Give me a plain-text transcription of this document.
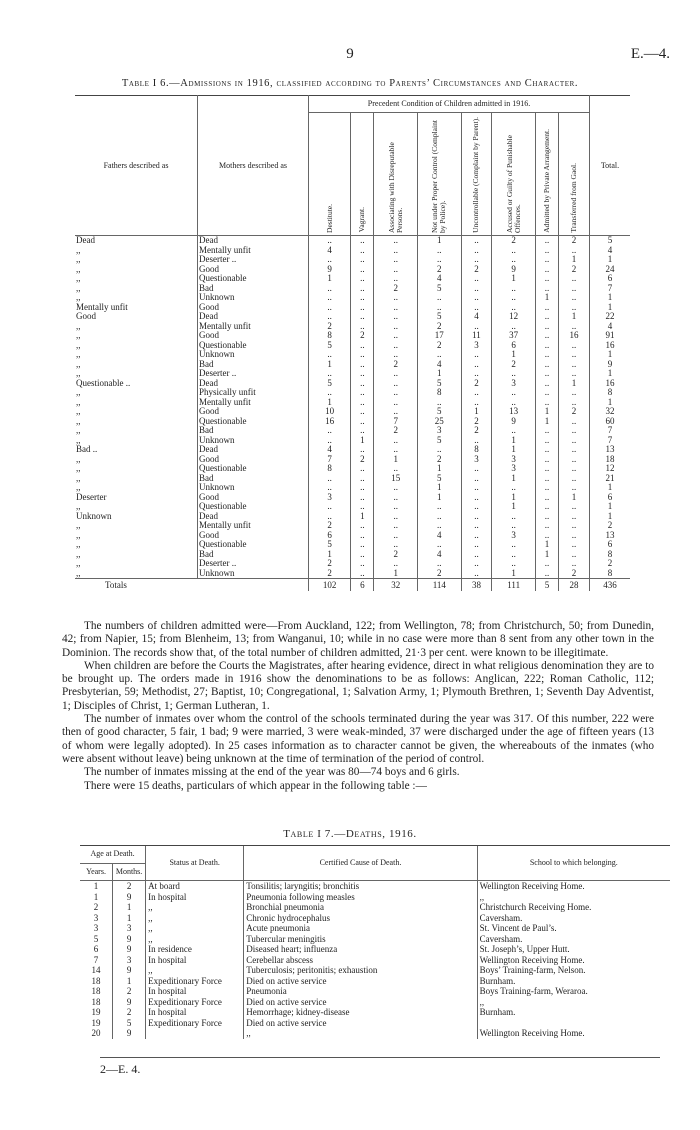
9	E.—4.
Table I 6.—Admissions in 1916, classified according to Parents’ Circumstances and Character.
Fathers described as	Mothers described as	Precedent Condition of Children admitted in 1916.								Total.
		Destitute.	Vagrant.	Associating with Disreputable Persons.	Not under Proper Control (Complaint by Police).	Uncontrollable (Complaint by Parent).	Accused or Guilty of Punishable Offences.	Admitted by Private Arrangement.	Transferred from Gaol.	
Dead	Dead	..	..	..	1	..	2	..	2	5
,,	Mentally unfit	4	..	..	..	..	..	..	..	4
,,	Deserter ..	..	..	..	..	..	..	..	1	1
,,	Good	9	..	..	2	2	9	..	2	24
,,	Questionable	1	..	..	4	..	1	..	..	6
,,	Bad	..	..	2	5	..	..	..	..	7
,,	Unknown	..	..	..	..	..	..	1	..	1
Mentally unfit	Good	..	..	..	..	..	..	..	..	1
Good	Dead	..	..	..	5	4	12	..	1	22
,,	Mentally unfit	2	..	..	2	..	..	..	..	4
,,	Good	8	2	..	17	11	37	..	16	91
,,	Questionable	5	..	..	2	3	6	..	..	16
,,	Unknown	..	..	..	..	..	1	..	..	1
,,	Bad	1	..	2	4	..	2	..	..	9
,,	Deserter ..	..	..	..	1	..	..	..	..	1
Questionable ..	Dead	5	..	..	5	2	3	..	1	16
,,	Physically unfit	..	..	..	8	..	..	..	..	8
,,	Mentally unfit	1	..	..	..	..	..	..	..	1
,,	Good	10	..	..	5	1	13	1	2	32
,,	Questionable	16	..	7	25	2	9	1	..	60
,,	Bad	..	..	2	3	2	..	..	..	7
,,	Unknown	..	1	..	5	..	1	..	..	7
Bad ..	Dead	4	..	..	..	8	1	..	..	13
,,	Good	7	2	1	2	3	3	..	..	18
,,	Questionable	8	..	..	1	..	3	..	..	12
,,	Bad	..	..	15	5	..	1	..	..	21
,,	Unknown	..	..	..	1	..	..	..	..	1
Deserter	Good	3	..	..	1	..	1	..	1	6
,,	Questionable	..	..	..	..	..	1	..	..	1
Unknown	Dead	..	1	..	..	..	..	..	..	1
,,	Mentally unfit	2	..	..	..	..	..	..	..	2
,,	Good	6	..	..	4	..	3	..	..	13
,,	Questionable	5	..	..	..	..	..	1	..	6
,,	Bad	1	..	2	4	..	..	1	..	8
,,	Deserter ..	2	..	..	..	..	..	..	..	2
,,	Unknown	2	..	1	2	..	1	..	2	8
Totals		102	6	32	114	38	111	5	28	436

The numbers of children admitted were—From Auckland, 122; from Wellington, 78; from Christchurch, 50; from Dunedin, 42; from Napier, 15; from Blenheim, 13; from Wanganui, 10; while in no case were more than 8 sent from any other town in the Dominion. The records show that, of the total number of children admitted, 21·3 per cent. were known to be illegitimate.

When children are before the Courts the Magistrates, after hearing evidence, direct in what religious denomination they are to be brought up. The orders made in 1916 show the denominations to be as follows: Anglican, 222; Roman Catholic, 112; Presbyterian, 59; Methodist, 27; Baptist, 10; Congregational, 1; Salvation Army, 1; Plymouth Brethren, 1; Seventh Day Adventist, 1; Disciples of Christ, 1; German Lutheran, 1.

The number of inmates over whom the control of the schools terminated during the year was 317. Of this number, 222 were then of good character, 5 fair, 1 bad; 9 were married, 3 were weak-minded, 37 were discharged under the age of fifteen years (13 of whom were legally adopted). In 25 cases information as to character cannot be given, the whereabouts of the inmates (who were absent without leave) being unknown at the time of termination of the period of control.

The number of inmates missing at the end of the year was 80—74 boys and 6 girls.

There were 15 deaths, particulars of which appear in the following table :—

Table I 7.—Deaths, 1916.
Age at Death.		Status at Death.	Certified Cause of Death.	School to which belonging.
Years.	Months.			
1	2	At board	Tonsilitis; laryngitis; bronchitis	Wellington Receiving Home.
1	9	In hospital	Pneumonia following measles	,,
2	1	,,	Bronchial pneumonia	Christchurch Receiving Home.
3	1	,,	Chronic hydrocephalus	Caversham.
3	3	,,	Acute pneumonia	St. Vincent de Paul’s.
5	9	,,	Tubercular meningitis	Caversham.
6	9	In residence	Diseased heart; influenza	St. Joseph’s, Upper Hutt.
7	3	In hospital	Cerebellar abscess	Wellington Receiving Home.
14	9	,,	Tuberculosis; peritonitis; exhaustion	Boys’ Training-farm, Nelson.
18	1	Expeditionary Force	Died on active service	Burnham.
18	2	In hospital	Pneumonia	Boys Training-farm, Weraroa.
18	9	Expeditionary Force	Died on active service	,,
19	2	In hospital	Hemorrhage; kidney-disease	Burnham.
19	5	Expeditionary Force	Died on active service	
20	9		,,	Wellington Receiving Home.
2—E. 4.
